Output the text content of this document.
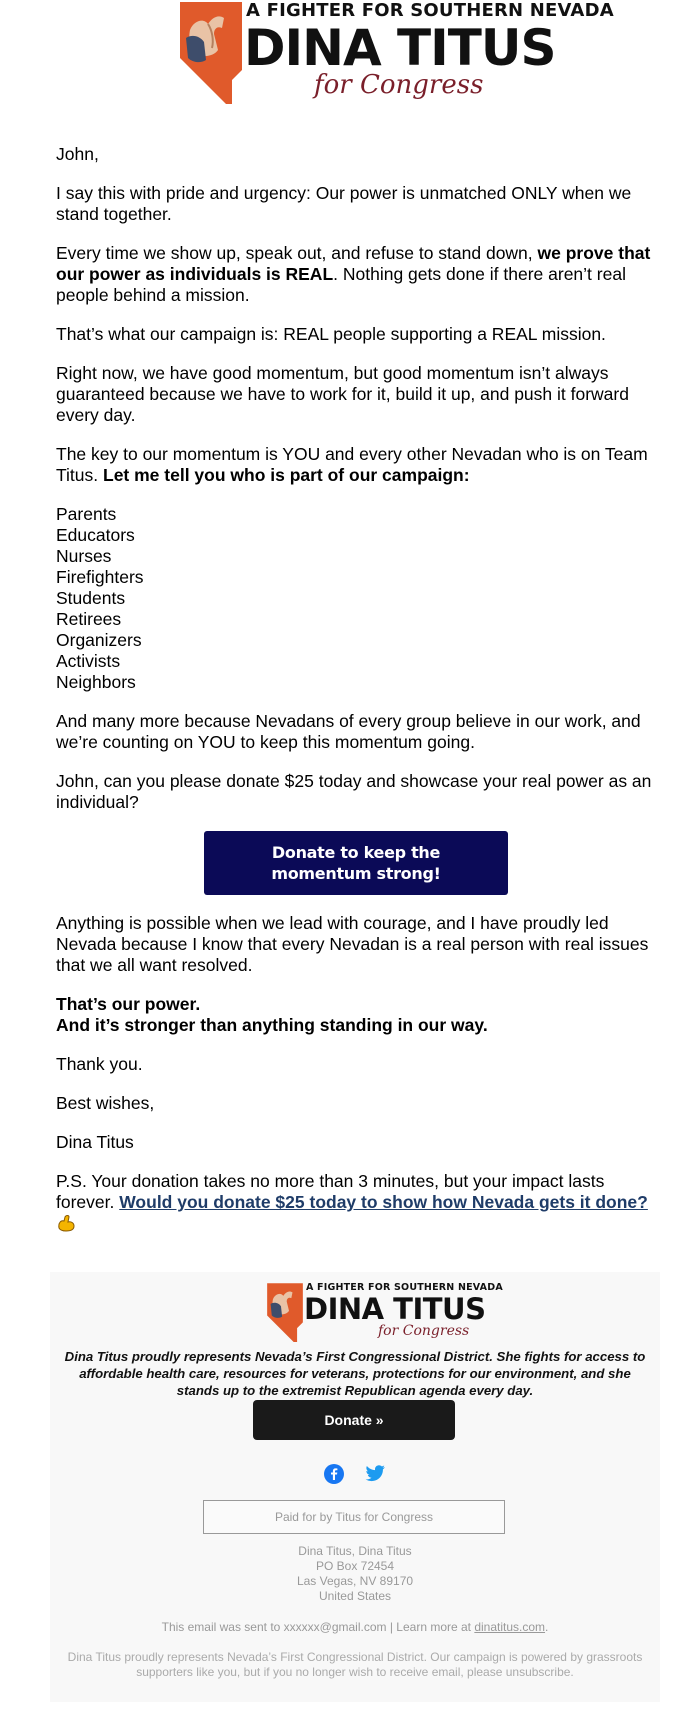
A FIGHTER FOR SOUTHERN NEVADA
DINA TITUS
for Congress

John,

I say this with pride and urgency: Our power is unmatched ONLY when we stand together.

Every time we show up, speak out, and refuse to stand down, we prove that our power as individuals is REAL. Nothing gets done if there aren’t real people behind a mission.

That’s what our campaign is: REAL people supporting a REAL mission.

Right now, we have good momentum, but good momentum isn’t always guaranteed because we have to work for it, build it up, and push it forward every day.

The key to our momentum is YOU and every other Nevadan who is on Team Titus. Let me tell you who is part of our campaign:

Parents
Educators
Nurses
Firefighters
Students
Retirees
Organizers
Activists
Neighbors

And many more because Nevadans of every group believe in our work, and we’re counting on YOU to keep this momentum going.

John, can you please donate $25 today and showcase your real power as an individual?

Donate to keep the momentum strong!

Anything is possible when we lead with courage, and I have proudly led Nevada because I know that every Nevadan is a real person with real issues that we all want resolved.

That’s our power.
And it’s stronger than anything standing in our way.

Thank you.

Best wishes,

Dina Titus

P.S. Your donation takes no more than 3 minutes, but your impact lasts forever. Would you donate $25 today to show how Nevada gets it done?

Dina Titus proudly represents Nevada’s First Congressional District. She fights for access to affordable health care, resources for veterans, protections for our environment, and she stands up to the extremist Republican agenda every day.
Donate »

Paid for by Titus for Congress
Dina Titus, Dina Titus
PO Box 72454
Las Vegas, NV 89170
United States
This email was sent to xxxxxx@gmail.com | Learn more at dinatitus.com.
Dina Titus proudly represents Nevada’s First Congressional District. Our campaign is powered by grassroots supporters like you, but if you no longer wish to receive email, please unsubscribe.
A FIGHTER FOR SOUTHERN NEVADA
DINA TITUS
for Congress
